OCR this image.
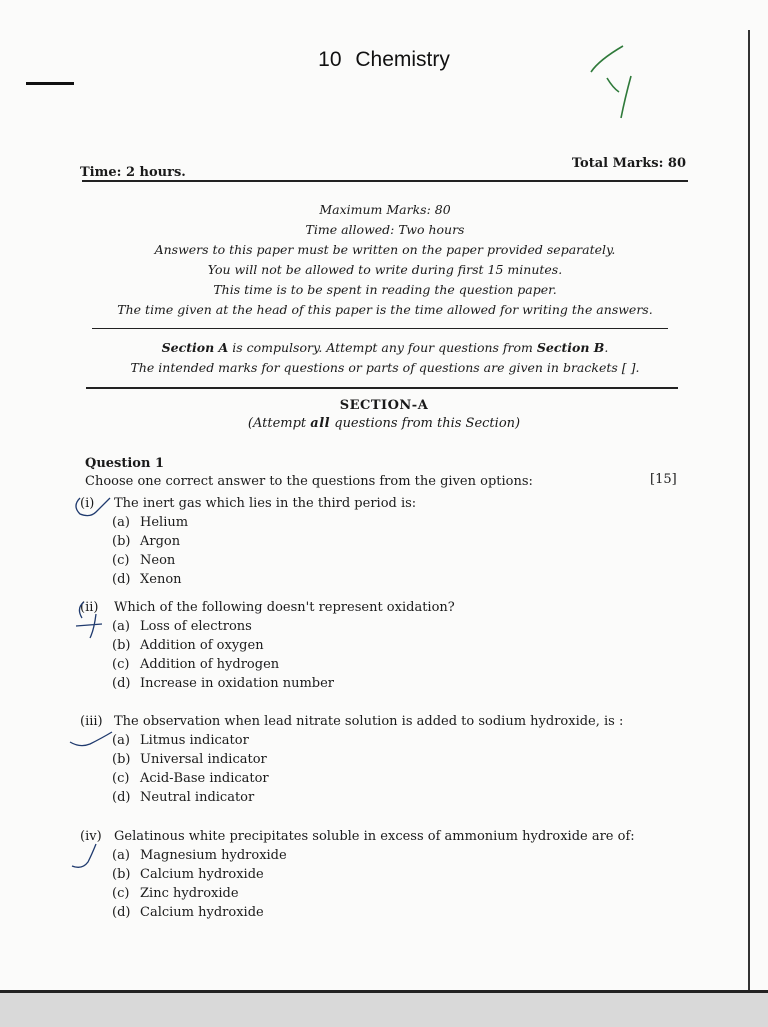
10 Chemistry
Time: 2 hours.
Total Marks: 80
Maximum Marks: 80
Time allowed: Two hours
Answers to this paper must be written on the paper provided separately.
You will not be allowed to write during first 15 minutes.
This time is to be spent in reading the question paper.
The time given at the head of this paper is the time allowed for writing the answers.
Section A is compulsory. Attempt any four questions from Section B.
The intended marks for questions or parts of questions are given in brackets [ ].
SECTION-A
(Attempt all questions from this Section)
Question 1
Choose one correct answer to the questions from the given options:	[15]
(i) The inert gas which lies in the third period is:
(a) Helium
(b) Argon
(c) Neon
(d) Xenon
(ii) Which of the following doesn't represent oxidation?
(a) Loss of electrons
(b) Addition of oxygen
(c) Addition of hydrogen
(d) Increase in oxidation number
(iii) The observation when lead nitrate solution is added to sodium hydroxide, is :
(a) Litmus indicator
(b) Universal indicator
(c) Acid-Base indicator
(d) Neutral indicator
(iv) Gelatinous white precipitates soluble in excess of ammonium hydroxide are of:
(a) Magnesium hydroxide
(b) Calcium hydroxide
(c) Zinc hydroxide
(d) Calcium hydroxide
